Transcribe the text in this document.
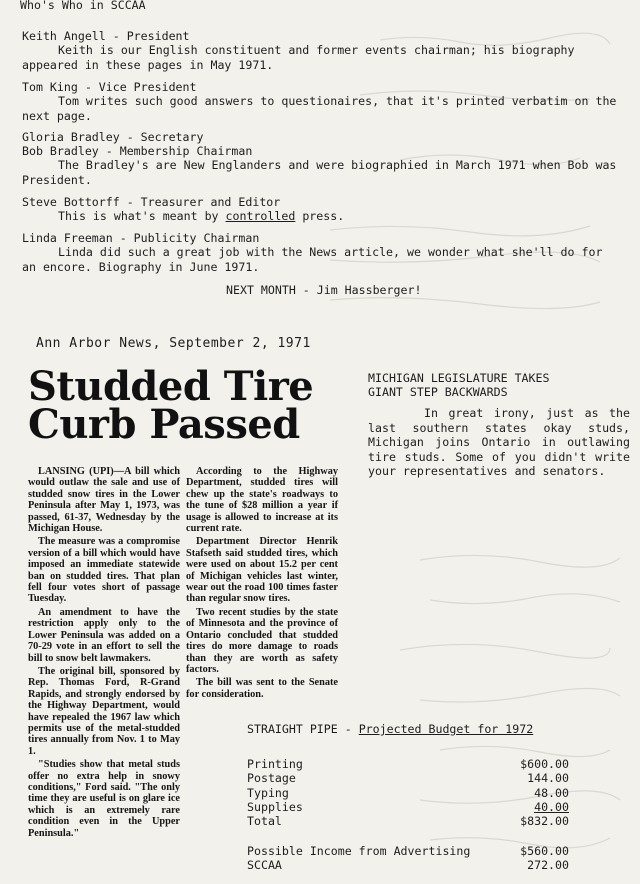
Who's Who in SCCAA
Keith Angell - President
Keith is our English constituent and former events chairman; his biography appeared in these pages in May 1971.
Tom King - Vice President
Tom writes such good answers to questionaires, that it's printed verbatim on the next page.
Gloria Bradley - Secretary
Bob Bradley - Membership Chairman
The Bradley's are New Englanders and were biographied in March 1971 when Bob was President.
Steve Bottorff - Treasurer and Editor
This is what's meant by controlled press.
Linda Freeman - Publicity Chairman
Linda did such a great job with the News article, we wonder what she'll do for an encore. Biography in June 1971.
NEXT MONTH - Jim Hassberger!
Ann Arbor News, September 2, 1971
Studded Tire
Curb Passed

LANSING (UPI)—A bill which would outlaw the sale and use of studded snow tires in the Lower Peninsula after May 1, 1973, was passed, 61-37, Wednesday by the Michigan House.

The measure was a compromise version of a bill which would have imposed an immediate statewide ban on studded tires. That plan fell four votes short of passage Tuesday.

An amendment to have the restriction apply only to the Lower Peninsula was added on a 70-29 vote in an effort to sell the bill to snow belt lawmakers.

The original bill, sponsored by Rep. Thomas Ford, R-Grand Rapids, and strongly endorsed by the Highway Department, would have repealed the 1967 law which permits use of the metal-studded tires annually from Nov. 1 to May 1.

"Studies show that metal studs offer no extra help in snowy conditions," Ford said. "The only time they are useful is on glare ice which is an extremely rare condition even in the Upper Peninsula."

According to the Highway Department, studded tires will chew up the state's roadways to the tune of $28 million a year if usage is allowed to increase at its current rate.

Department Director Henrik Stafseth said studded tires, which were used on about 15.2 per cent of Michigan vehicles last winter, wear out the road 100 times faster than regular snow tires.

Two recent studies by the state of Minnesota and the province of Ontario concluded that studded tires do more damage to roads than they are worth as safety factors.

The bill was sent to the Senate for consideration.

MICHIGAN LEGISLATURE TAKES
GIANT STEP BACKWARDS
In great irony, just as the last southern states okay studs, Michigan joins Ontario in outlawing tire studs. Some of you didn't write your representatives and senators.
STRAIGHT PIPE - Projected Budget for 1972
Printing	$600.00
Postage	144.00
Typing	48.00
Supplies	40.00
Total	$832.00
Possible Income from Advertising	$560.00
SCCAA	272.00
